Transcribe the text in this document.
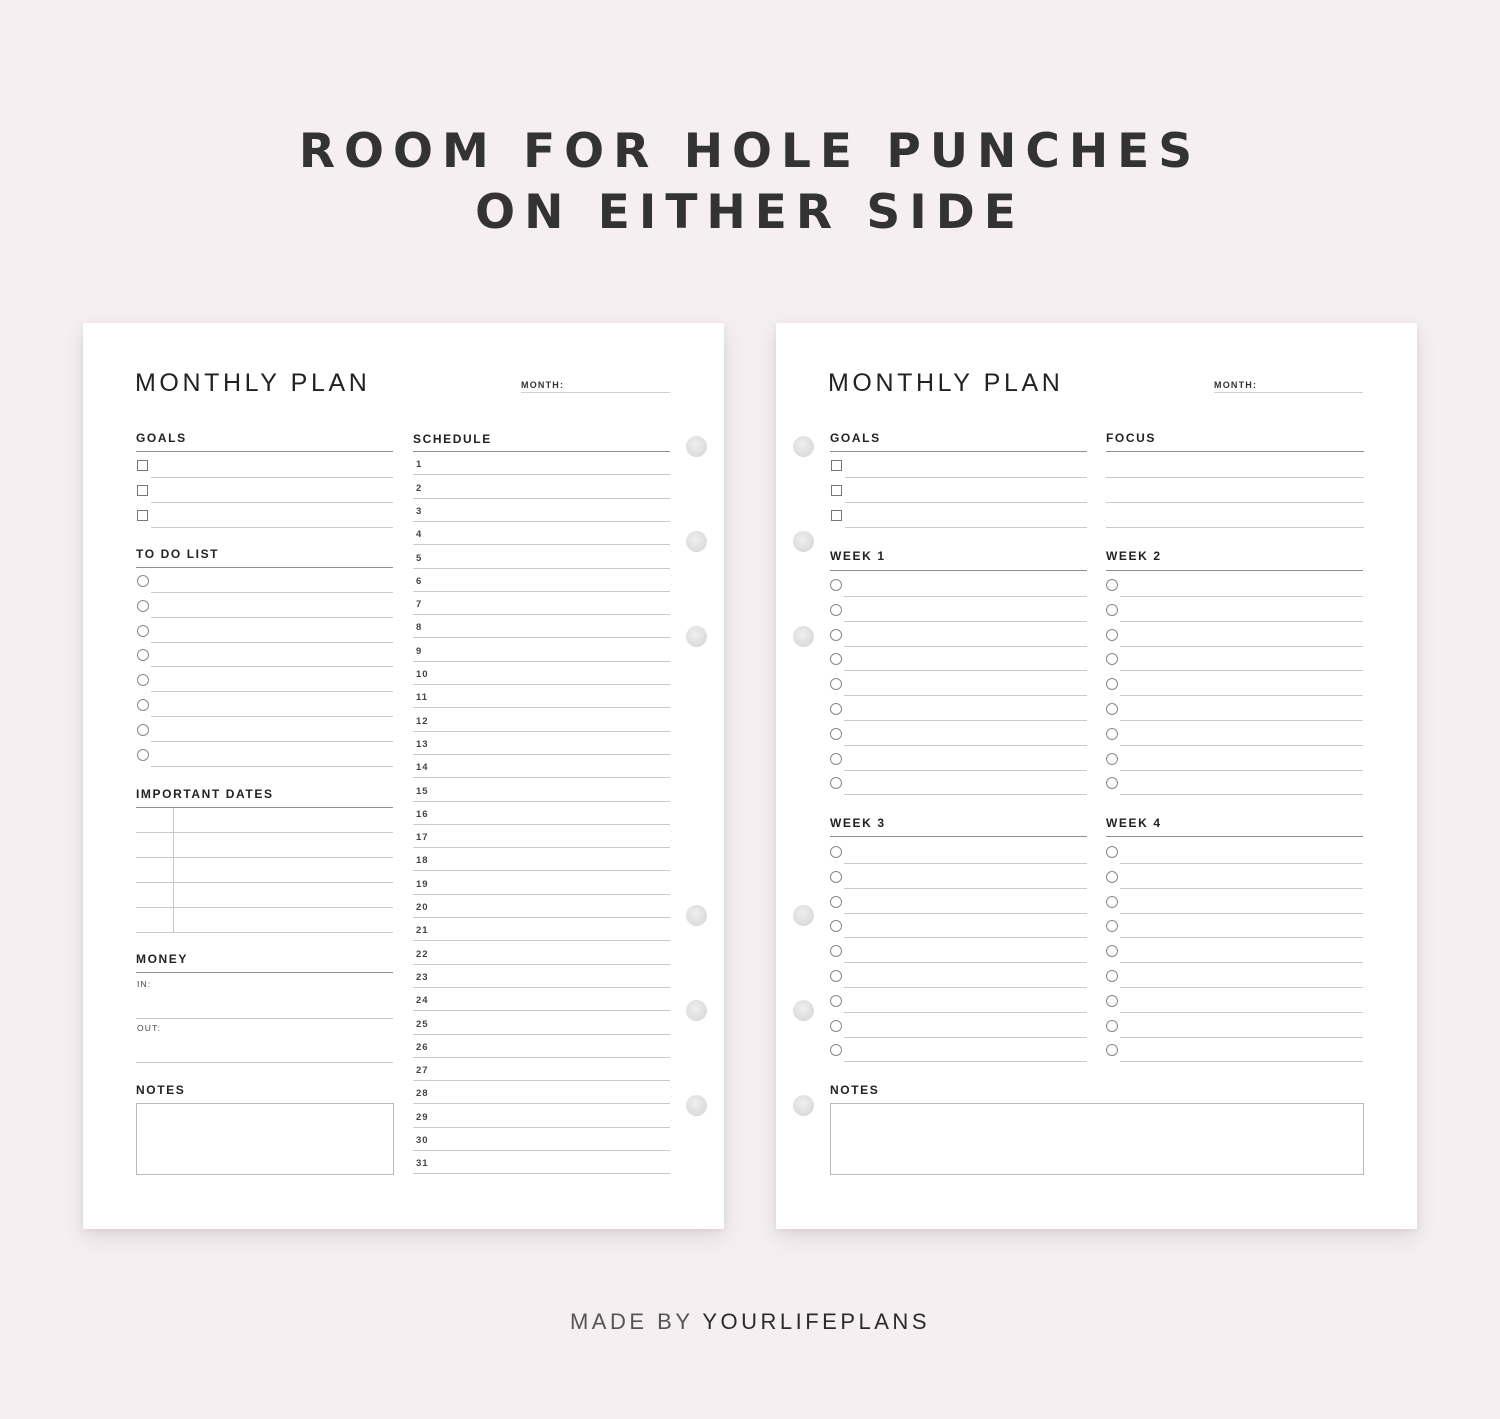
ROOM FOR HOLE PUNCHES
ON EITHER SIDE
MONTHLY PLAN	MONTH:
GOALS	SCHEDULE
TO DO LIST
IMPORTANT DATES
MONEY
IN:
OUT:
NOTES
1
2
3
4
5
6
7
8
9
10
11
12
13
14
15
16
17
18
19
20
21
22
23
24
25
26
27
28
29
30
31
MONTHLY PLAN	MONTH:
GOALS	FOCUS
WEEK 1	WEEK 2
WEEK 3	WEEK 4
NOTES
MADE BY YOURLIFEPLANS
